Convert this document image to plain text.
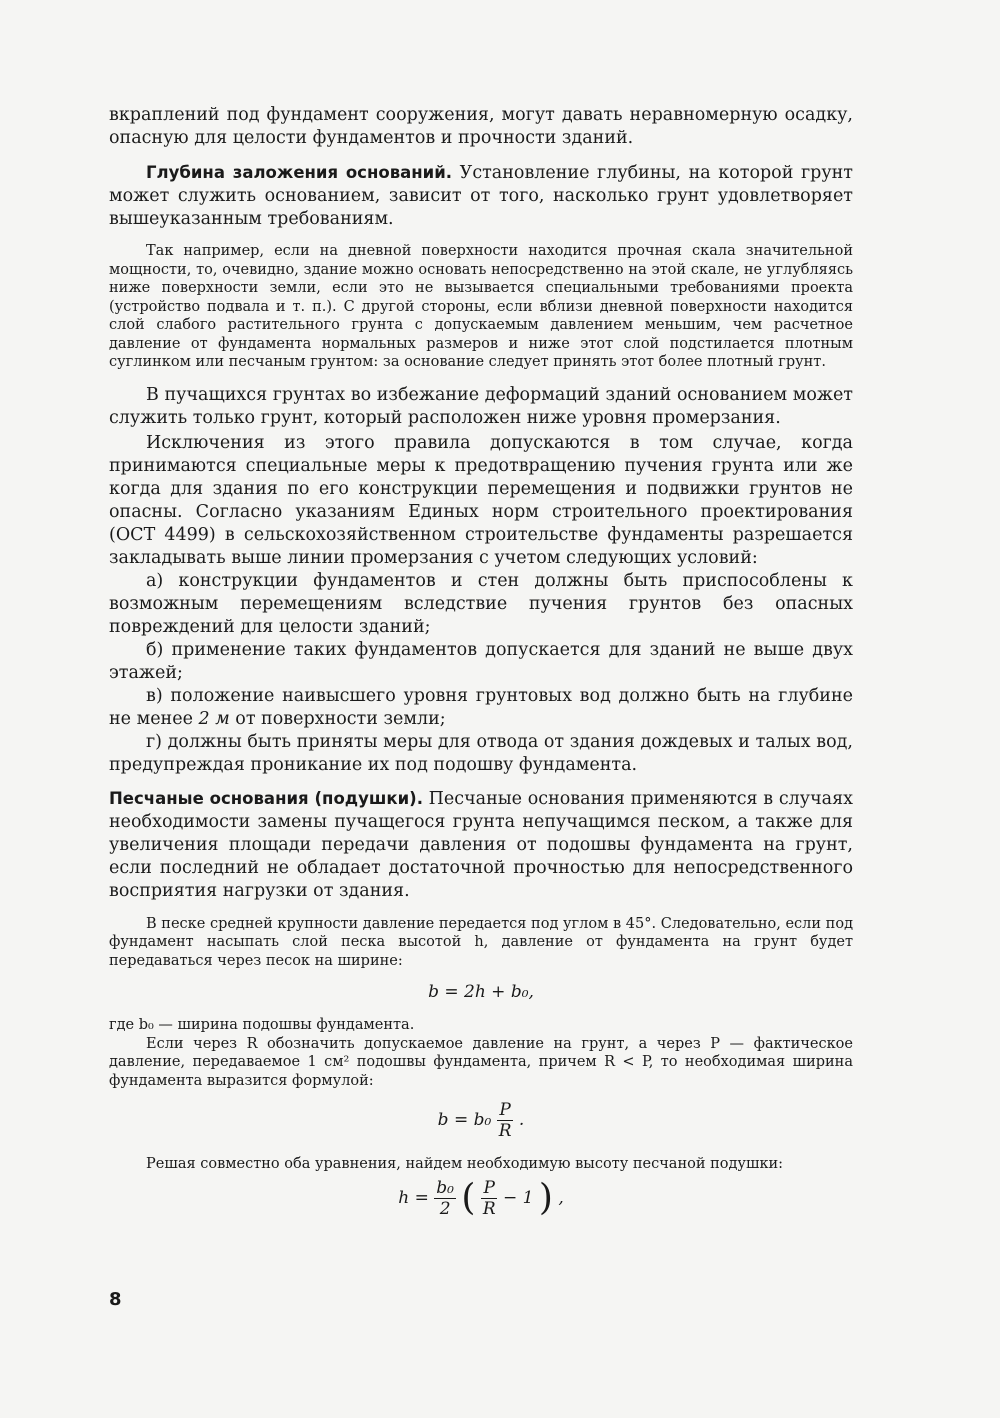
вкраплений под фундамент сооружения, могут давать неравномерную осадку, опасную для целости фундаментов и прочности зданий.

Глубина заложения оснований. Установление глубины, на которой грунт может служить основанием, зависит от того, насколько грунт удовлетворяет вышеуказанным требованиям.

Так например, если на дневной поверхности находится прочная скала значительной мощности, то, очевидно, здание можно основать непосредственно на этой скале, не углубляясь ниже поверхности земли, если это не вызывается специальными требованиями проекта (устройство подвала и т. п.). С другой стороны, если вблизи дневной поверхности находится слой слабого растительного грунта с допускаемым давлением меньшим, чем расчетное давление от фундамента нормальных размеров и ниже этот слой подстилается плотным суглинком или песчаным грунтом: за основание следует принять этот более плотный грунт.

В пучащихся грунтах во избежание деформаций зданий основанием может служить только грунт, который расположен ниже уровня промерзания.

Исключения из этого правила допускаются в том случае, когда принимаются специальные меры к предотвращению пучения грунта или же когда для здания по его конструкции перемещения и подвижки грунтов не опасны. Согласно указаниям Единых норм строительного проектирования (ОСТ 4499) в сельскохозяйственном строительстве фундаменты разрешается закладывать выше линии промерзания с учетом следующих условий:

а) конструкции фундаментов и стен должны быть приспособлены к возможным перемещениям вследствие пучения грунтов без опасных повреждений для целости зданий;

б) применение таких фундаментов допускается для зданий не выше двух этажей;

в) положение наивысшего уровня грунтовых вод должно быть на глубине не менее 2 м от поверхности земли;

г) должны быть приняты меры для отвода от здания дождевых и талых вод, предупреждая проникание их под подошву фундамента.

Песчаные основания (подушки). Песчаные основания применяются в случаях необходимости замены пучащегося грунта непучащимся песком, а также для увеличения площади передачи давления от подошвы фундамента на грунт, если последний не обладает достаточной прочностью для непосредственного восприятия нагрузки от здания.

В песке средней крупности давление передается под углом в 45°. Следовательно, если под фундамент насыпать слой песка высотой h, давление от фундамента на грунт будет передаваться через песок на ширине:

b = 2h + b₀,

где b₀ — ширина подошвы фундамента.

Если через R обозначить допускаемое давление на грунт, а через P — фактическое давление, передаваемое 1 см² подошвы фундамента, причем R < P, то необходимая ширина фундамента выразится формулой:

$b = b_0 \frac{P}{R}$ .

Решая совместно оба уравнения, найдем необходимую высоту песчаной подушки:

$h = \frac{\text{b₀}}{2}$ ( $\frac{P}{R} - 1$ ) ,
8
